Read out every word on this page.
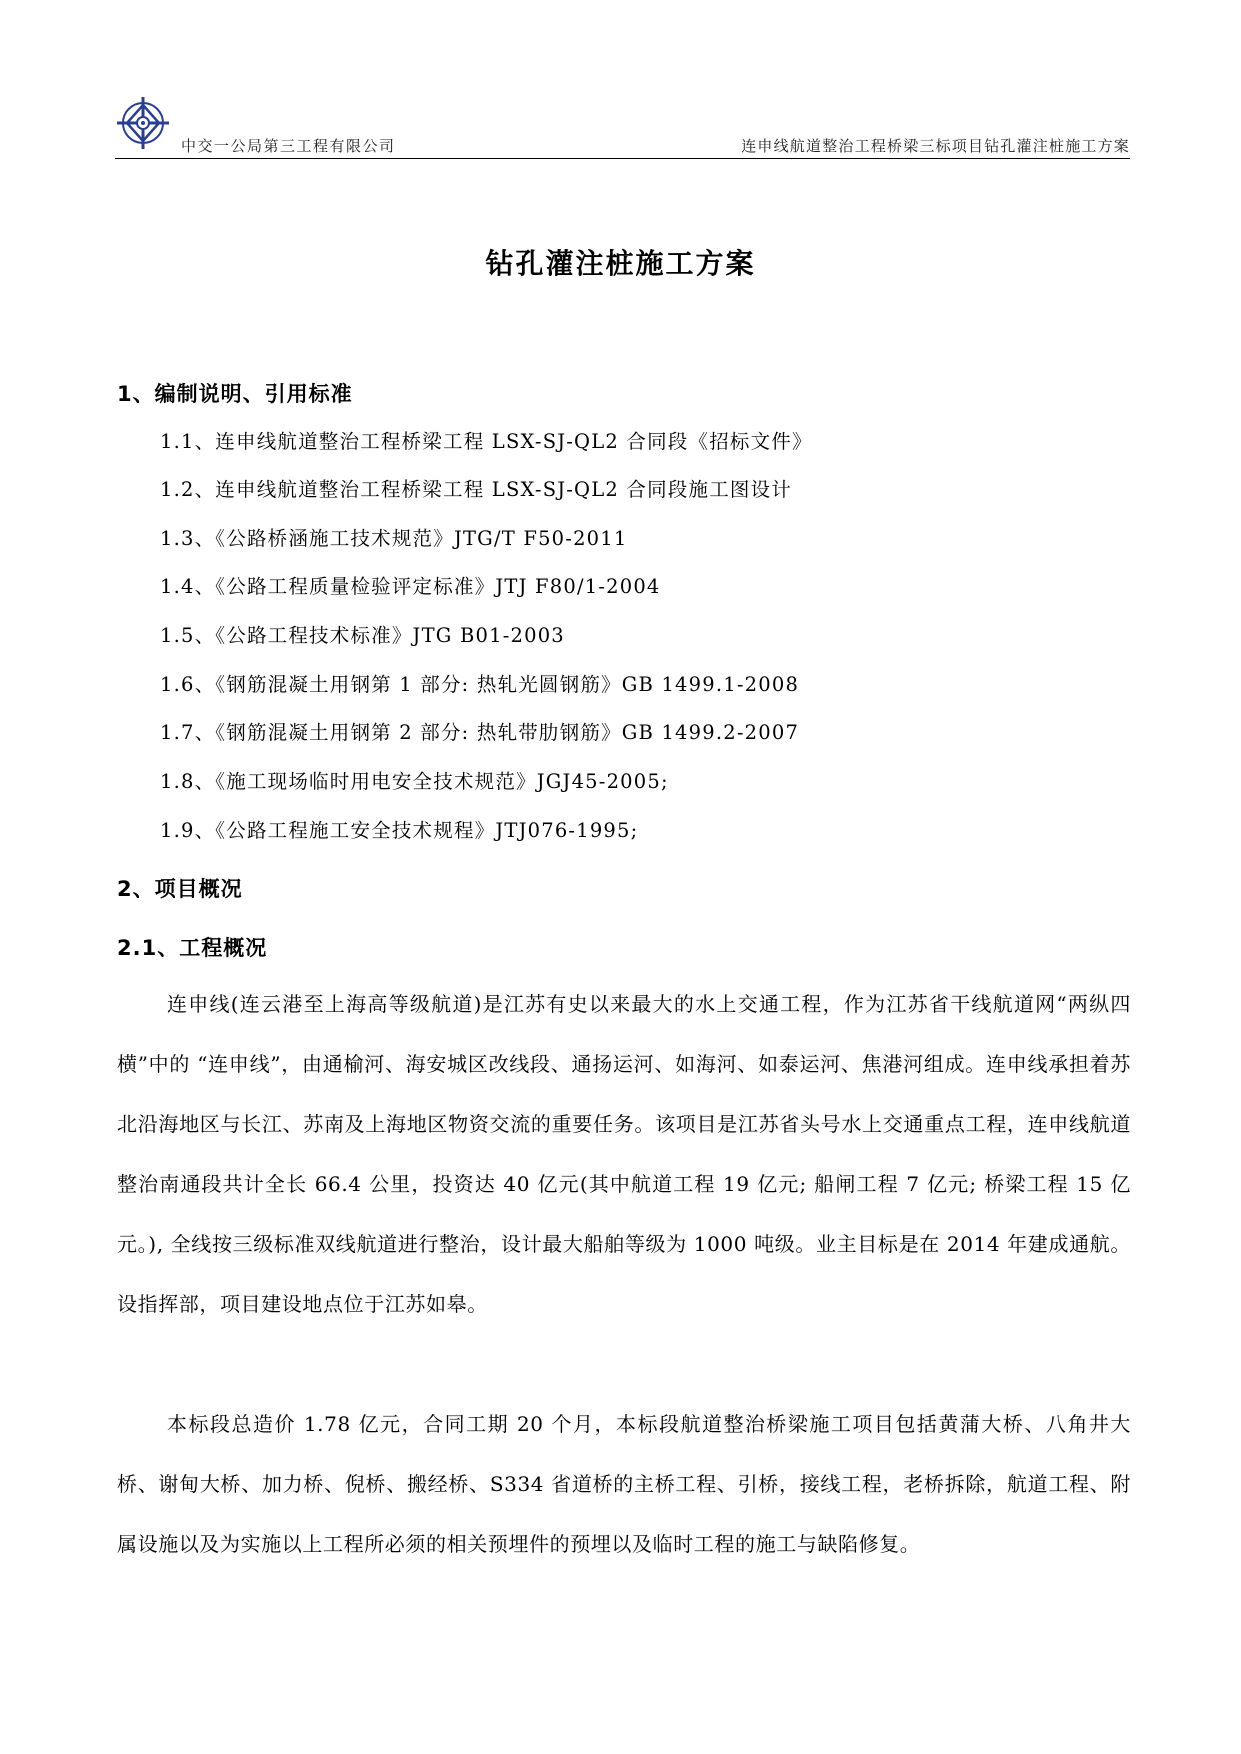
中交一公局第三工程有限公司	连申线航道整治工程桥梁三标项目钻孔灌注桩施工方案
钻孔灌注桩施工方案
1、编制说明、引用标准
1.1、连申线航道整治工程桥梁工程 LSX-SJ-QL2 合同段《招标文件》
1.2、连申线航道整治工程桥梁工程 LSX-SJ-QL2 合同段施工图设计
1.3、《公路桥涵施工技术规范》JTG/T F50-2011
1.4、《公路工程质量检验评定标准》JTJ F80/1-2004
1.5、《公路工程技术标准》JTG B01-2003
1.6、《钢筋混凝土用钢第 1 部分: 热轧光圆钢筋》GB 1499.1-2008
1.7、《钢筋混凝土用钢第 2 部分: 热轧带肋钢筋》GB 1499.2-2007
1.8、《施工现场临时用电安全技术规范》JGJ45-2005;
1.9、《公路工程施工安全技术规程》JTJ076-1995;
2、项目概况
2.1、工程概况

连申线(连云港至上海高等级航道)是江苏有史以来最大的水上交通工程，作为江苏省干线航道网“两纵四横”中的 “连申线”，由通榆河、海安城区改线段、通扬运河、如海河、如泰运河、焦港河组成。连申线承担着苏北沿海地区与长江、苏南及上海地区物资交流的重要任务。该项目是江苏省头号水上交通重点工程，连申线航道整治南通段共计全长 66.4 公里，投资达 40 亿元(其中航道工程 19 亿元; 船闸工程 7 亿元; 桥梁工程 15 亿元。), 全线按三级标准双线航道进行整治，设计最大船舶等级为 1000 吨级。业主目标是在 2014 年建成通航。设指挥部，项目建设地点位于江苏如皋。

本标段总造价 1.78 亿元，合同工期 20 个月，本标段航道整治桥梁施工项目包括黄蒲大桥、八角井大桥、谢甸大桥、加力桥、倪桥、搬经桥、S334 省道桥的主桥工程、引桥，接线工程，老桥拆除，航道工程、附属设施以及为实施以上工程所必须的相关预埋件的预埋以及临时工程的施工与缺陷修复。
